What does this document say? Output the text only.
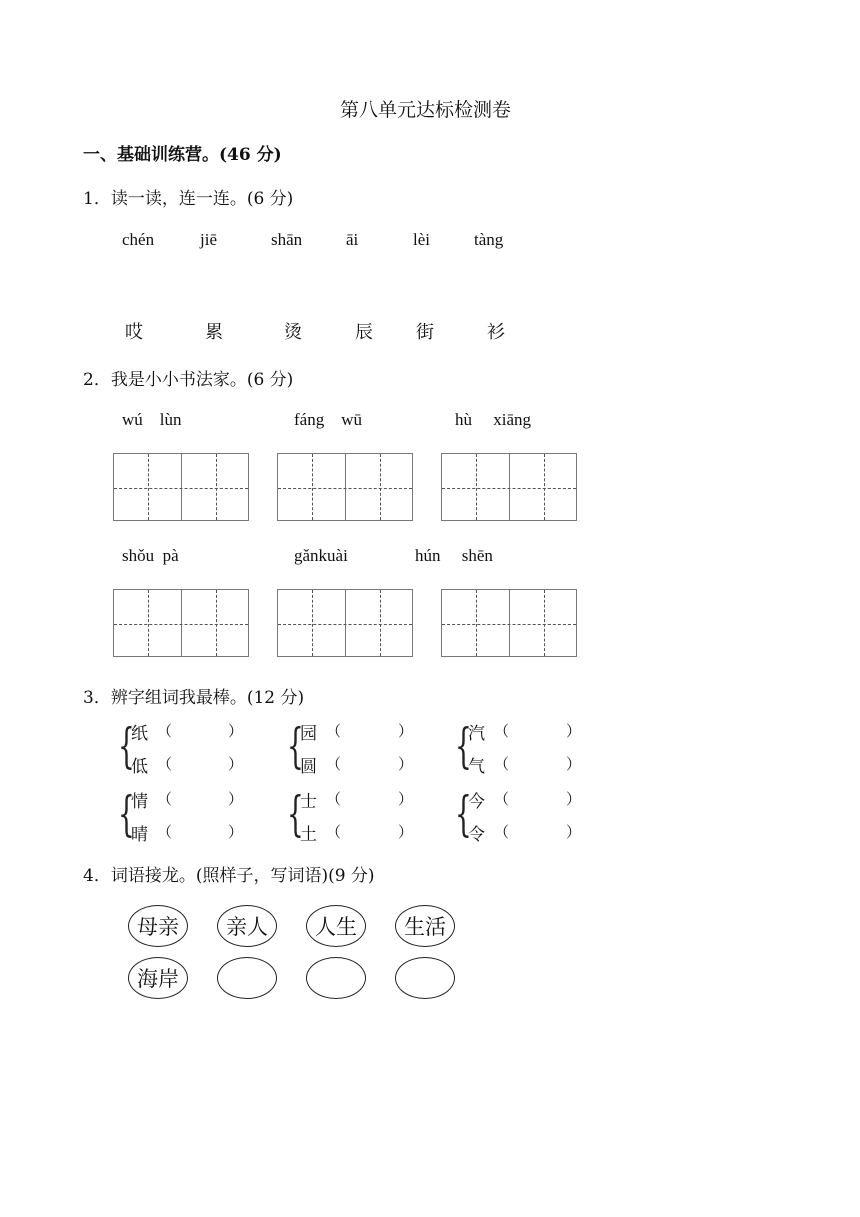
第八单元达标检测卷
一、基础训练营。(46 分)
1．读一读，连一连。(6 分)
chén	jiē	shān	āi	lèi	tàng
哎	累	烫	辰 街	衫
2．我是小小书法家。(6 分)
wú    lùn	fáng    wū	hù     xiāng
shǒu  pà	gǎnkuài	hún     shēn
3．辨字组词我最棒。(12 分)
{
纸 （	）
低 （	） {
园 （	）
圆 （	） {
汽 （	）
气 （	）
{
情 （	）
晴 （	） {
士 （	）
土 （	） {
今 （	）
令 （	）
4．词语接龙。(照样子，写词语)(9 分)
母亲	亲人	人生	生活
海岸
